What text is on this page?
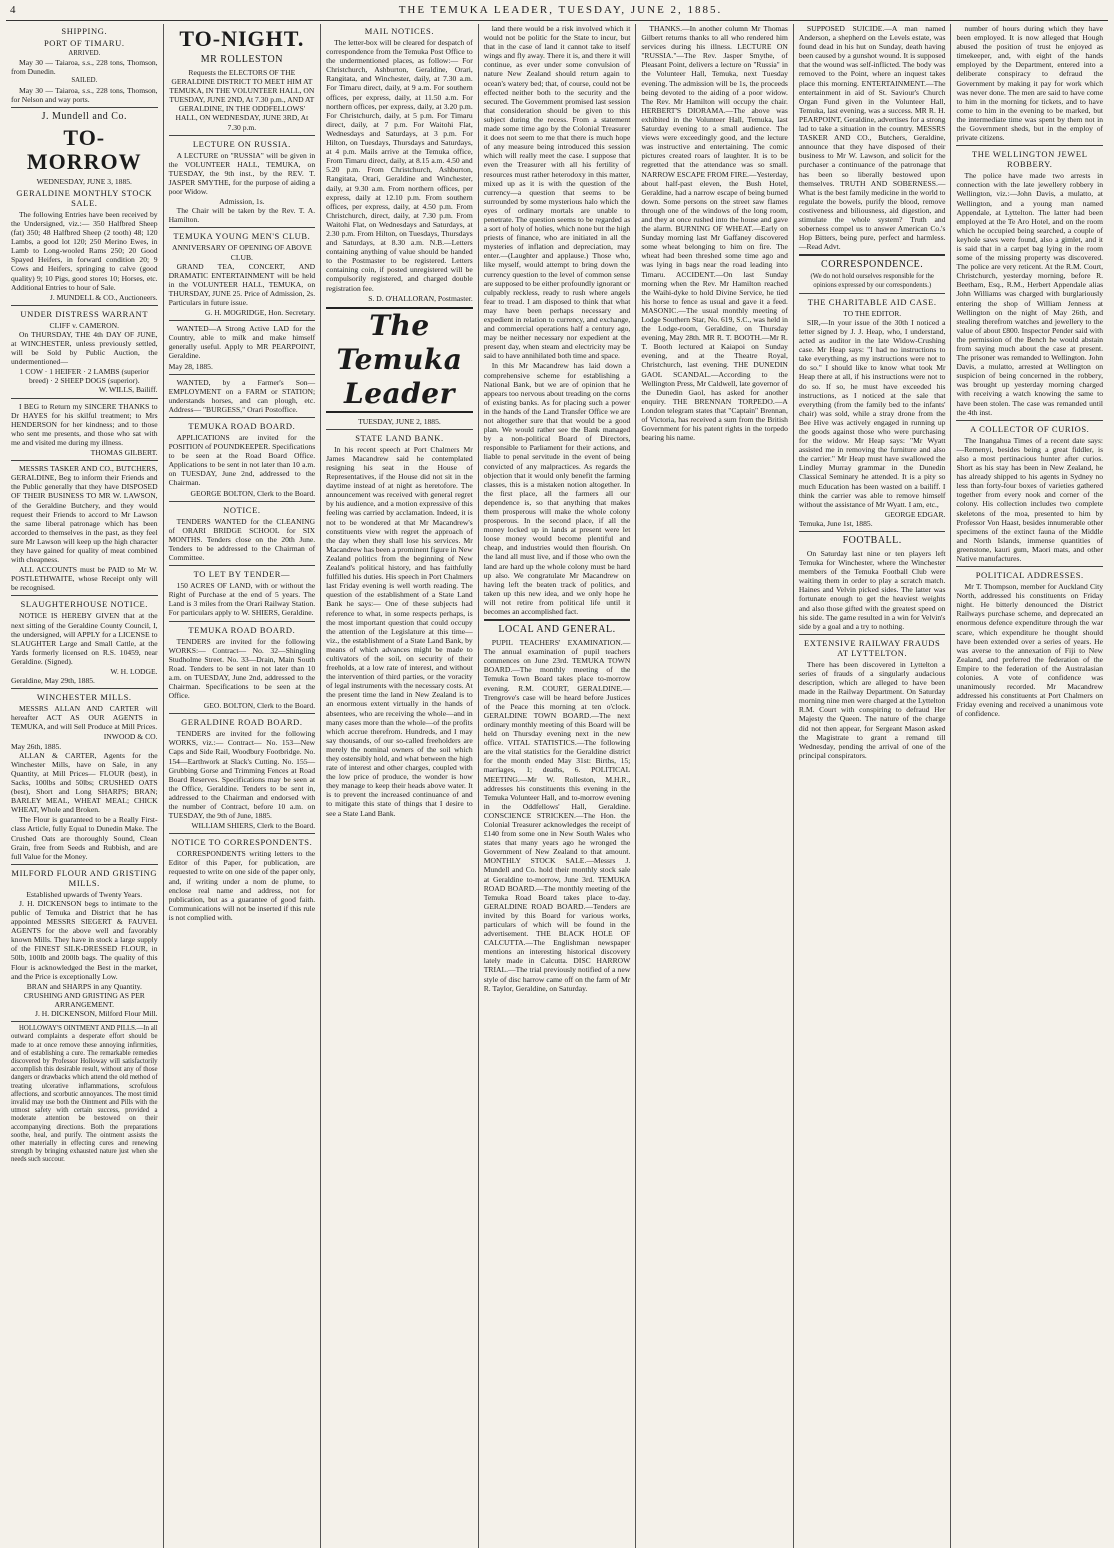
4	THE TEMUKA LEADER, TUESDAY, JUNE 2, 1885.
SHIPPING.
PORT OF TIMARU.
ARRIVED.

May 30 — Taiaroa, s.s., 228 tons, Thomson, from Dunedin.

SAILED.

May 30 — Taiaroa, s.s., 228 tons, Thomson, for Nelson and way ports.

J. Mundell and Co.
TO-MORROW
WEDNESDAY, JUNE 3, 1885.
GERALDINE MONTHLY STOCK SALE.

The following Entries have been received by the Undersigned, viz.:— 350 Halfbred Sheep (fat) 350; 48 Halfbred Sheep (2 tooth) 48; 120 Lambs, a good lot 120; 250 Merino Ewes, in Lamb to Long-wooled Rams 250; 20 Good Spayed Heifers, in forward condition 20; 9 Cows and Heifers, springing to calve (good quality) 9; 10 Pigs, good stores 10; Horses, etc. Additional Entries to hour of Sale.

J. MUNDELL & CO., Auctioneers.
UNDER DISTRESS WARRANT
CLIFF v. CAMERON.

On THURSDAY, THE 4th DAY OF JUNE, at WINCHESTER, unless previously settled, will be Sold by Public Auction, the undermentioned—

1 COW · 1 HEIFER · 2 LAMBS (superior breed) · 2 SHEEP DOGS (superior).
W. WILLS, Bailiff.

I BEG to Return my SINCERE THANKS to Dr HAYES for his skilful treatment; to Mrs HENDERSON for her kindness; and to those who sent me presents, and those who sat with me and visited me during my illness.

THOMAS GILBERT.

MESSRS TASKER AND CO., BUTCHERS, GERALDINE, Beg to inform their Friends and the Public generally that they have DISPOSED OF THEIR BUSINESS TO MR W. LAWSON, of the Geraldine Butchery, and they would request their Friends to accord to Mr Lawson the same liberal patronage which has been accorded to themselves in the past, as they feel sure Mr Lawson will keep up the high character they have gained for quality of meat combined with cheapness.

ALL ACCOUNTS must be PAID to Mr W. POSTLETHWAITE, whose Receipt only will be recognised.

SLAUGHTERHOUSE NOTICE.

NOTICE IS HEREBY GIVEN that at the next sitting of the Geraldine County Council, I, the undersigned, will APPLY for a LICENSE to SLAUGHTER Large and Small Cattle, at the Yards formerly licensed on R.S. 10459, near Geraldine. (Signed).

W. H. LODGE.
Geraldine, May 29th, 1885.
WINCHESTER MILLS.

MESSRS ALLAN AND CARTER will hereafter ACT AS OUR AGENTS in TEMUKA, and will Sell Produce at Mill Prices.

INWOOD & CO.
May 26th, 1885.

ALLAN & CARTER, Agents for the Winchester Mills, have on Sale, in any Quantity, at Mill Prices— FLOUR (best), in Sacks, 100lbs and 50lbs; CRUSHED OATS (best), Short and Long SHARPS; BRAN; BARLEY MEAL, WHEAT MEAL; CHICK WHEAT, Whole and Broken.

The Flour is guaranteed to be a Really First-class Article, fully Equal to Dunedin Make. The Crushed Oats are thoroughly Sound, Clean Grain, free from Seeds and Rubbish, and are full Value for the Money.

MILFORD FLOUR AND GRISTING MILLS.
Established upwards of Twenty Years.

J. H. DICKENSON begs to intimate to the public of Temuka and District that he has appointed MESSRS SIEGERT & FAUVEL AGENTS for the above well and favorably known Mills. They have in stock a large supply of the FINEST SILK-DRESSED FLOUR, in 50lb, 100lb and 200lb bags. The quality of this Flour is acknowledged the Best in the market, and the Price is exceptionally Low.

BRAN and SHARPS in any Quantity.
CRUSHING AND GRISTING AS PER ARRANGEMENT.
J. H. DICKENSON, Milford Flour Mill.

HOLLOWAY'S OINTMENT AND PILLS.—In all outward complaints a desperate effort should be made to at once remove these annoying infirmities, and of establishing a cure. The remarkable remedies discovered by Professor Holloway will satisfactorily accomplish this desirable result, without any of those dangers or drawbacks which attend the old method of treating ulcerative inflammations, scrofulous affections, and scorbutic annoyances. The most timid invalid may use both the Ointment and Pills with the utmost safety with certain success, provided a moderate attention be bestowed on their accompanying directions. Both the preparations soothe, heal, and purify. The ointment assists the other materially in effecting cures and renewing strength by bringing exhausted nature just when she needs such succour.

TO-NIGHT.
MR ROLLESTON

Requests the ELECTORS OF THE GERALDINE DISTRICT TO MEET HIM AT TEMUKA, IN THE VOLUNTEER HALL, ON TUESDAY, JUNE 2ND, At 7.30 p.m., AND AT GERALDINE, IN THE ODDFELLOWS' HALL, ON WEDNESDAY, JUNE 3RD, At 7.30 p.m.

LECTURE ON RUSSIA.

A LECTURE on "RUSSIA" will be given in the VOLUNTEER HALL, TEMUKA, on TUESDAY, the 9th inst., by the REV. T. JASPER SMYTHE, for the purpose of aiding a poor Widow.

Admission, 1s.

The Chair will be taken by the Rev. T. A. Hamilton.

TEMUKA YOUNG MEN'S CLUB.
ANNIVERSARY OF OPENING OF ABOVE CLUB.

GRAND TEA, CONCERT, AND DRAMATIC ENTERTAINMENT will be held in the VOLUNTEER HALL, TEMUKA, on THURSDAY, JUNE 25. Price of Admission, 2s. Particulars in future issue.

G. H. MOGRIDGE, Hon. Secretary.

WANTED—A Strong Active LAD for the Country, able to milk and make himself generally useful. Apply to MR PEARPOINT, Geraldine.

May 28, 1885.

WANTED, by a Farmer's Son—EMPLOYMENT on a FARM or STATION; understands horses, and can plough, etc. Address— "BURGESS," Orari Postoffice.

TEMUKA ROAD BOARD.

APPLICATIONS are invited for the POSITION of POUNDKEEPER. Specifications to be seen at the Road Board Office. Applications to be sent in not later than 10 a.m. on TUESDAY, June 2nd, addressed to the Chairman.

GEORGE BOLTON, Clerk to the Board.
NOTICE.

TENDERS WANTED for the CLEANING of ORARI BRIDGE SCHOOL for SIX MONTHS. Tenders close on the 20th June. Tenders to be addressed to the Chairman of Committee.

TO LET BY TENDER—

150 ACRES OF LAND, with or without the Right of Purchase at the end of 5 years. The Land is 3 miles from the Orari Railway Station. For particulars apply to W. SHIERS, Geraldine.

TEMUKA ROAD BOARD.

TENDERS are invited for the following WORKS:— Contract— No. 32—Shingling Studholme Street. No. 33—Drain, Main South Road. Tenders to be sent in not later than 10 a.m. on TUESDAY, June 2nd, addressed to the Chairman. Specifications to be seen at the Office.

GEO. BOLTON, Clerk to the Board.
GERALDINE ROAD BOARD.

TENDERS are invited for the following WORKS, viz.:— Contract— No. 153—New Caps and Side Rail, Woodbury Footbridge. No. 154—Earthwork at Slack's Cutting. No. 155—Grubbing Gorse and Trimming Fences at Road Board Reserves. Specifications may be seen at the Office, Geraldine. Tenders to be sent in, addressed to the Chairman and endorsed with the number of Contract, before 10 a.m. on TUESDAY, the 9th of June, 1885.

WILLIAM SHIERS, Clerk to the Board.
NOTICE TO CORRESPONDENTS.

CORRESPONDENTS writing letters to the Editor of this Paper, for publication, are requested to write on one side of the paper only, and, if writing under a nom de plume, to enclose real name and address, not for publication, but as a guarantee of good faith. Communications will not be inserted if this rule is not complied with.

MAIL NOTICES.

The letter-box will be cleared for despatch of correspondence from the Temuka Post Office to the undermentioned places, as follow:— For Christchurch, Ashburton, Geraldine, Orari, Rangitata, and Winchester, daily, at 7.30 a.m. For Timaru direct, daily, at 9 a.m. For southern offices, per express, daily, at 11.50 a.m. For northern offices, per express, daily, at 3.20 p.m. For Christchurch, daily, at 5 p.m. For Timaru direct, daily, at 7 p.m. For Waitohi Flat, Wednesdays and Saturdays, at 3 p.m. For Hilton, on Tuesdays, Thursdays and Saturdays, at 4 p.m. Mails arrive at the Temuka office, From Timaru direct, daily, at 8.15 a.m. 4.50 and 5.20 p.m. From Christchurch, Ashburton, Rangitata, Orari, Geraldine and Winchester, daily, at 9.30 a.m. From northern offices, per express, daily at 12.10 p.m. From southern offices, per express, daily, at 4.50 p.m. From Christchurch, direct, daily, at 7.30 p.m. From Waitohi Flat, on Wednesdays and Saturdays, at 2.30 p.m. From Hilton, on Tuesdays, Thursdays and Saturdays, at 8.30 a.m. N.B.—Letters containing anything of value should be handed to the Postmaster to be registered. Letters containing coin, if posted unregistered will be compulsorily registered, and charged double registration fee.

S. D. O'HALLORAN, Postmaster.
The Temuka Leader
TUESDAY, JUNE 2, 1885.
STATE LAND BANK.

In his recent speech at Port Chalmers Mr James Macandrew said he contemplated resigning his seat in the House of Representatives, if the House did not sit in the daytime instead of at night as heretofore. The announcement was received with general regret by his audience, and a motion expressive of this feeling was carried by acclamation. Indeed, it is not to be wondered at that Mr Macandrew's constituents view with regret the approach of the day when they shall lose his services. Mr Macandrew has been a prominent figure in New Zealand politics from the beginning of New Zealand's political history, and has faithfully fulfilled his duties. His speech in Port Chalmers last Friday evening is well worth reading. The question of the establishment of a State Land Bank he says:— One of these subjects had reference to what, in some respects perhaps, is the most important question that could occupy the attention of the Legislature at this time—viz., the establishment of a State Land Bank, by means of which advances might be made to cultivators of the soil, on security of their freeholds, at a low rate of interest, and without the intervention of third parties, or the voracity of legal instruments with the necessary costs. At the present time the land in New Zealand is to an enormous extent virtually in the hands of absentees, who are receiving the whole—and in many cases more than the whole—of the profits which accrue therefrom. Hundreds, and I may say thousands, of our so-called freeholders are merely the nominal owners of the soil which they ostensibly hold, and what between the high rate of interest and other charges, coupled with the low price of produce, the wonder is how they manage to keep their heads above water. It is to prevent the increased continuance of and to mitigate this state of things that I desire to see a State Land Bank.

land there would be a risk involved which it would not be politic for the State to incur, but that in the case of land it cannot take to itself wings and fly away. There it is, and there it will continue, as ever under some convulsion of nature New Zealand should return again to ocean's watery bed; that, of course, could not be effected neither both to the security and the secured. The Government promised last session that consideration should be given to this subject during the recess. From a statement made some time ago by the Colonial Treasurer it does not seem to me that there is much hope of any measure being introduced this session which will really meet the case. I suppose that even the Treasurer with all his fertility of resources must rather heterodoxy in this matter, mixed up as it is with the question of the currency—a question that seems to be surrounded by some mysterious halo which the eyes of ordinary mortals are unable to penetrate. The question seems to be regarded as a sort of holy of holies, which none but the high priests of finance, who are initiated in all the mysteries of inflation and depreciation, may enter.—(Laughter and applause.) Those who, like myself, would attempt to bring down the currency question to the level of common sense are supposed to be either profoundly ignorant or culpably reckless, ready to rush where angels fear to tread. I am disposed to think that what may have been perhaps necessary and expedient in relation to currency, and exchange, and commercial operations half a century ago, may be neither necessary nor expedient at the present day, when steam and electricity may be said to have annihilated both time and space.

In this Mr Macandrew has laid down a comprehensive scheme for establishing a National Bank, but we are of opinion that he appears too nervous about treading on the corns of existing banks. As for placing such a power in the hands of the Land Transfer Office we are not altogether sure that that would be a good plan. We would rather see the Bank managed by a non-political Board of Directors, responsible to Parliament for their actions, and liable to penal servitude in the event of being convicted of any malpractices. As regards the objection that it would only benefit the farming classes, this is a mistaken notion altogether. In the first place, all the farmers all our dependence is, so that anything that makes them prosperous will make the whole colony prosperous. In the second place, if all the money locked up in lands at present were let loose money would become plentiful and cheap, and industries would then flourish. On the land all must live, and if those who own the land are hard up the whole colony must be hard up also. We congratulate Mr Macandrew on having left the beaten track of politics, and taken up this new idea, and we only hope he will not retire from political life until it becomes an accomplished fact.

LOCAL AND GENERAL.

PUPIL TEACHERS' EXAMINATION.—The annual examination of pupil teachers commences on June 23rd. TEMUKA TOWN BOARD.—The monthly meeting of the Temuka Town Board takes place to-morrow evening. R.M. COURT, GERALDINE.—Trengrove's case will be heard before Justices of the Peace this morning at ten o'clock. GERALDINE TOWN BOARD.—The next ordinary monthly meeting of this Board will be held on Thursday evening next in the new office. VITAL STATISTICS.—The following are the vital statistics for the Geraldine district for the month ended May 31st: Births, 15; marriages, 1; deaths, 6. POLITICAL MEETING.—Mr W. Rolleston, M.H.R., addresses his constituents this evening in the Temuka Volunteer Hall, and to-morrow evening in the Oddfellows' Hall, Geraldine. CONSCIENCE STRICKEN.—The Hon. the Colonial Treasurer acknowledges the receipt of £140 from some one in New South Wales who states that many years ago he wronged the Government of New Zealand to that amount. MONTHLY STOCK SALE.—Messrs J. Mundell and Co. hold their monthly stock sale at Geraldine to-morrow, June 3rd. TEMUKA ROAD BOARD.—The monthly meeting of the Temuka Road Board takes place to-day. GERALDINE ROAD BOARD.—Tenders are invited by this Board for various works, particulars of which will be found in the advertisement. THE BLACK HOLE OF CALCUTTA.—The Englishman newspaper mentions an interesting historical discovery lately made in Calcutta. DISC HARROW TRIAL.—The trial previously notified of a new style of disc harrow came off on the farm of Mr R. Taylor, Geraldine, on Saturday.

THANKS.—In another column Mr Thomas Gilbert returns thanks to all who rendered him services during his illness. LECTURE ON "RUSSIA."—The Rev. Jasper Smythe, of Pleasant Point, delivers a lecture on "Russia" in the Volunteer Hall, Temuka, next Tuesday evening. The admission will be 1s, the proceeds being devoted to the aiding of a poor widow. The Rev. Mr Hamilton will occupy the chair. HERBERT'S DIORAMA.—The above was exhibited in the Volunteer Hall, Temuka, last Saturday evening to a small audience. The views were exceedingly good, and the lecture was instructive and entertaining. The comic pictures created roars of laughter. It is to be regretted that the attendance was so small. NARROW ESCAPE FROM FIRE.—Yesterday, about half-past eleven, the Bush Hotel, Geraldine, had a narrow escape of being burned down. Some persons on the street saw flames through one of the windows of the long room, and they at once rushed into the house and gave the alarm. BURNING OF WHEAT.—Early on Sunday morning last Mr Gaffaney discovered some wheat belonging to him on fire. The wheat had been threshed some time ago and was lying in bags near the road leading into Timaru. ACCIDENT.—On last Sunday morning when the Rev. Mr Hamilton reached the Waihi-dyke to hold Divine Service, he tied his horse to fence as usual and gave it a feed. MASONIC.—The usual monthly meeting of Lodge Southern Star, No. 619, S.C., was held in the Lodge-room, Geraldine, on Thursday evening, May 28th. MR R. T. BOOTH.—Mr R. T. Booth lectured at Kaiapoi on Sunday evening, and at the Theatre Royal, Christchurch, last evening. THE DUNEDIN GAOL SCANDAL.—According to the Wellington Press, Mr Caldwell, late governor of the Dunedin Gaol, has asked for another enquiry. THE BRENNAN TORPEDO.—A London telegram states that "Captain" Brennan, of Victoria, has received a sum from the British Government for his patent rights in the torpedo bearing his name.

SUPPOSED SUICIDE.—A man named Anderson, a shepherd on the Levels estate, was found dead in his hut on Sunday, death having been caused by a gunshot wound. It is supposed that the wound was self-inflicted. The body was removed to the Point, where an inquest takes place this morning. ENTERTAINMENT.—The entertainment in aid of St. Saviour's Church Organ Fund given in the Volunteer Hall, Temuka, last evening, was a success. MR R. H. PEARPOINT, Geraldine, advertises for a strong lad to take a situation in the country. MESSRS TASKER AND CO., Butchers, Geraldine, announce that they have disposed of their business to Mr W. Lawson, and solicit for the purchaser a continuance of the patronage that has been so liberally bestowed upon themselves. TRUTH AND SOBERNESS.—What is the best family medicine in the world to regulate the bowels, purify the blood, remove costiveness and biliousness, aid digestion, and stimulate the whole system? Truth and soberness compel us to answer American Co.'s Hop Bitters, being pure, perfect and harmless.—Read Advt.

CORRESPONDENCE.
(We do not hold ourselves responsible for the opinions expressed by our correspondents.)
THE CHARITABLE AID CASE.
TO THE EDITOR.

SIR,—In your issue of the 30th I noticed a letter signed by J. J. Heap, who, I understand, acted as auditor in the late Widow-Crushing case. Mr Heap says: "I had no instructions to take everything, as my instructions were not to do so." I should like to know what took Mr Heap there at all, if his instructions were not to do so. If so, he must have exceeded his instructions, as I noticed at the sale that everything (from the family bed to the infants' chair) was sold, while a stray drone from the Bee Hive was actively engaged in running up the goods against those who were purchasing for the widow. Mr Heap says: "Mr Wyatt assisted me in removing the furniture and also the carrier." Mr Heap must have swallowed the Lindley Murray grammar in the Dunedin Classical Seminary he attended. It is a pity so much Education has been wasted on a bailiff. I think the carrier was able to remove himself without the assistance of Mr Wyatt. I am, etc.,

GEORGE EDGAR.
Temuka, June 1st, 1885.
FOOTBALL.

On Saturday last nine or ten players left Temuka for Winchester, where the Winchester members of the Temuka Football Club were waiting them in order to play a scratch match. Haines and Velvin picked sides. The latter was fortunate enough to get the heaviest weights and also those gifted with the greatest speed on his side. The game resulted in a win for Velvin's side by a goal and a try to nothing.

EXTENSIVE RAILWAY FRAUDS AT LYTTELTON.

There has been discovered in Lyttelton a series of frauds of a singularly audacious description, which are alleged to have been made in the Railway Department. On Saturday morning nine men were charged at the Lyttelton R.M. Court with conspiring to defraud Her Majesty the Queen. The nature of the charge did not then appear, for Sergeant Mason asked the Magistrate to grant a remand till Wednesday, pending the arrival of one of the principal conspirators.

number of hours during which they have been employed. It is now alleged that Hough abused the position of trust he enjoyed as timekeeper, and, with eight of the hands employed by the Department, entered into a deliberate conspiracy to defraud the Government by making it pay for work which was never done. The men are said to have come to him in the morning for tickets, and to have come to him in the evening to be marked, but the intermediate time was spent by them not in the Government sheds, but in the employ of private citizens.

THE WELLINGTON JEWEL ROBBERY.

The police have made two arrests in connection with the late jewellery robbery in Wellington, viz.:—John Davis, a mulatto, at Wellington, and a young man named Appendale, at Lyttelton. The latter had been employed at the Te Aro Hotel, and on the room which he occupied being searched, a couple of keyhole saws were found, also a gimlet, and it is said that in a carpet bag lying in the room some of the missing property was discovered. The police are very reticent. At the R.M. Court, Christchurch, yesterday morning, before R. Beetham, Esq., R.M., Herbert Appendale alias John Williams was charged with burglariously entering the shop of William Jenness at Wellington on the night of May 26th, and stealing therefrom watches and jewellery to the value of about £800. Inspector Pender said with the permission of the Bench he would abstain from saying much about the case at present. The prisoner was remanded to Wellington. John Davis, a mulatto, arrested at Wellington on suspicion of being concerned in the robbery, was brought up yesterday morning charged with receiving a watch knowing the same to have been stolen. The case was remanded until the 4th inst.

A COLLECTOR OF CURIOS.

The Inangahua Times of a recent date says:—Remenyi, besides being a great fiddler, is also a most pertinacious hunter after curios. Short as his stay has been in New Zealand, he has already shipped to his agents in Sydney no less than forty-four boxes of varieties gathered together from every nook and corner of the colony. His collection includes two complete skeletons of the moa, presented to him by Professor Von Haast, besides innumerable other specimens of the extinct fauna of the Middle and North Islands, immense quantities of greenstone, kauri gum, Maori mats, and other Native manufactures.

POLITICAL ADDRESSES.

Mr T. Thompson, member for Auckland City North, addressed his constituents on Friday night. He bitterly denounced the District Railways purchase scheme, and deprecated an enormous defence expenditure through the war scare, which expenditure he thought should have been extended over a series of years. He was averse to the annexation of Fiji to New Zealand, and preferred the federation of the Empire to the federation of the Australasian colonies. A vote of confidence was unanimously recorded. Mr Macandrew addressed his constituents at Port Chalmers on Friday evening and received a unanimous vote of confidence.
